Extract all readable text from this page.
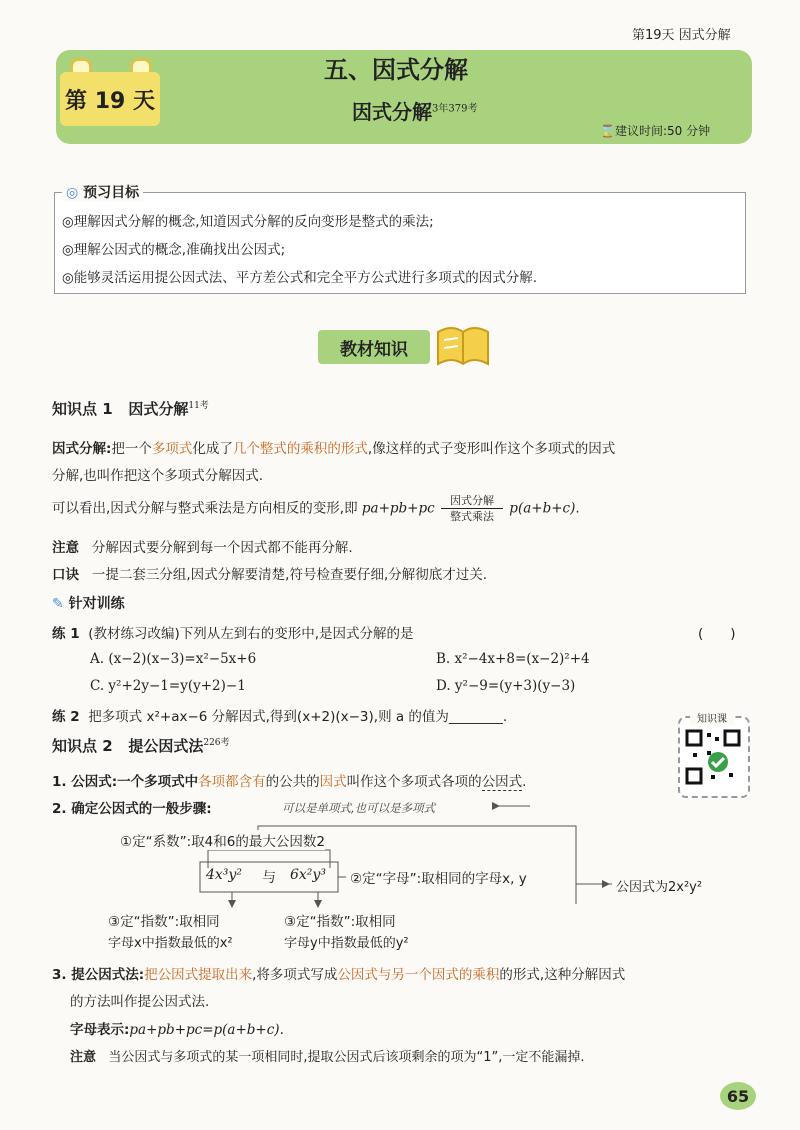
第19天 因式分解
第 19 天
五、因式分解
因式分解$^{3年379考}$
⌛建议时间:50 分钟
◎ 预习目标
◎理解因式分解的概念,知道因式分解的反向变形是整式的乘法;
◎理解公因式的概念,准确找出公因式;
◎能够灵活运用提公因式法、平方差公式和完全平方公式进行多项式的因式分解.
教材知识
知识点 1 因式分解$^{11考}$
因式分解:把一个多项式化成了几个整式的乘积的形式,像这样的式子变形叫作这个多项式的因式
分解,也叫作把这个多项式分解因式.
可以看出,因式分解与整式乘法是方向相反的变形,即 $pa+pb+pc \frac{\text{因式分解}}{\text{整式乘法}} p(a+b+c)$.
注意 分解因式要分解到每一个因式都不能再分解.
口诀 一提二套三分组,因式分解要清楚,符号检查要仔细,分解彻底才过关.
✎ 针对训练
练 1 (教材练习改编)下列从左到右的变形中,是因式分解的是	(　　)
A. (x−2)(x−3)=x²−5x+6	B. x²−4x+8=(x−2)²+4
C. y²+2y−1=y(y+2)−1	D. y²−9=(y+3)(y−3)
练 2 把多项式 x²+ax−6 分解因式,得到(x+2)(x−3),则 a 的值为________.	知识课
知识点 2 提公因式法$^{226考}$
1. 公因式:一个多项式中各项都含有的公共的因式叫作这个多项式各项的公因式.
2. 确定公因式的一般步骤:	可以是单项式,也可以是多项式
①定“系数”:取4和6的最大公因数2
4x³y² 与 6x²y³ ②定“字母”:取相同的字母x, y
公因式为2x²y²
③定“指数”:取相同
字母x中指数最低的x²
③定“指数”:取相同
字母y中指数最低的y²
3. 提公因式法:把公因式提取出来,将多项式写成公因式与另一个因式的乘积的形式,这种分解因式
的方法叫作提公因式法.
字母表示:pa+pb+pc=p(a+b+c).
注意 当公因式与多项式的某一项相同时,提取公因式后该项剩余的项为“1”,一定不能漏掉.
65
